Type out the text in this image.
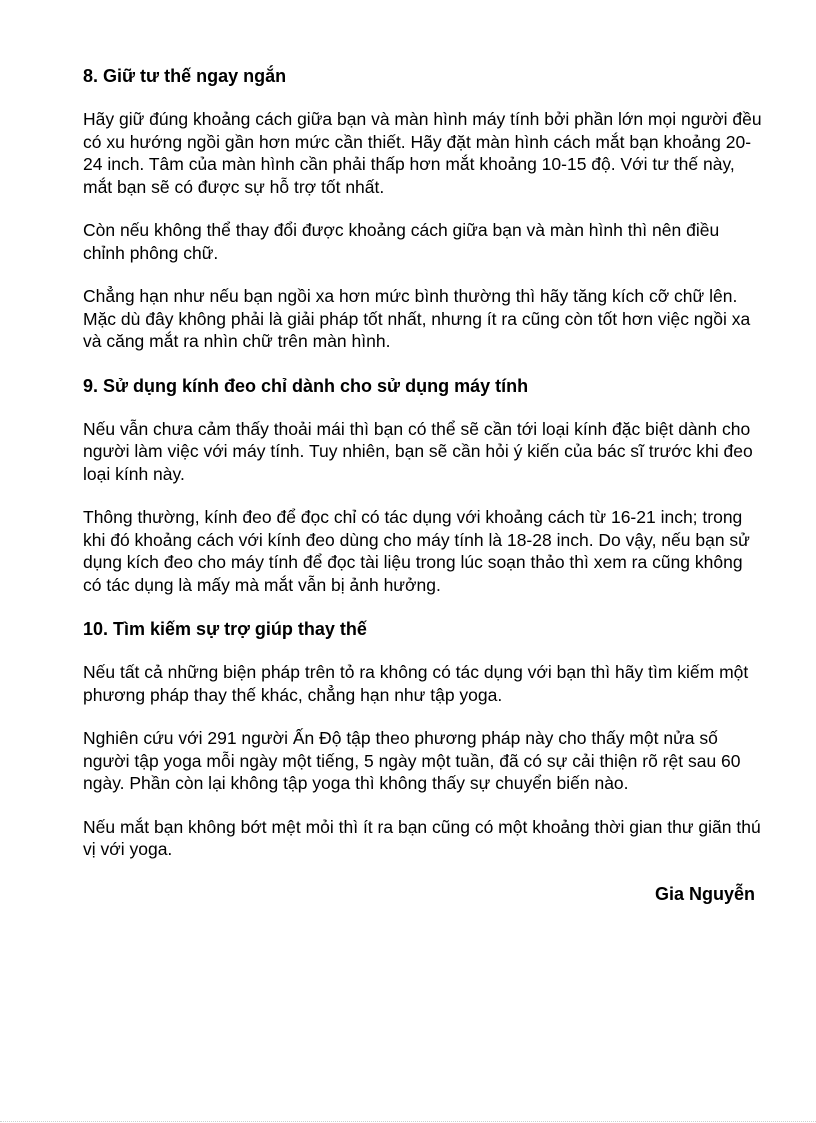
8. Giữ tư thế ngay ngắn

Hãy giữ đúng khoảng cách giữa bạn và màn hình máy tính bởi phần lớn mọi người đều có xu hướng ngồi gần hơn mức cần thiết. Hãy đặt màn hình cách mắt bạn khoảng 20-24 inch. Tâm của màn hình cần phải thấp hơn mắt khoảng 10-15 độ. Với tư thế này, mắt bạn sẽ có được sự hỗ trợ tốt nhất.

Còn nếu không thể thay đổi được khoảng cách giữa bạn và màn hình thì nên điều chỉnh phông chữ.

Chẳng hạn như nếu bạn ngồi xa hơn mức bình thường thì hãy tăng kích cỡ chữ lên. Mặc dù đây không phải là giải pháp tốt nhất, nhưng ít ra cũng còn tốt hơn việc ngồi xa và căng mắt ra nhìn chữ trên màn hình.

9. Sử dụng kính đeo chỉ dành cho sử dụng máy tính

Nếu vẫn chưa cảm thấy thoải mái thì bạn có thể sẽ cần tới loại kính đặc biệt dành cho người làm việc với máy tính. Tuy nhiên, bạn sẽ cần hỏi ý kiến của bác sĩ trước khi đeo loại kính này.

Thông thường, kính đeo để đọc chỉ có tác dụng với khoảng cách từ 16-21 inch; trong khi đó khoảng cách với kính đeo dùng cho máy tính là 18-28 inch. Do vậy, nếu bạn sử dụng kích đeo cho máy tính để đọc tài liệu trong lúc soạn thảo thì xem ra cũng không có tác dụng là mấy mà mắt vẫn bị ảnh hưởng.

10. Tìm kiếm sự trợ giúp thay thế

Nếu tất cả những biện pháp trên tỏ ra không có tác dụng với bạn thì hãy tìm kiếm một phương pháp thay thế khác, chẳng hạn như tập yoga.

Nghiên cứu với 291 người Ấn Độ tập theo phương pháp này cho thấy một nửa số người tập yoga mỗi ngày một tiếng, 5 ngày một tuần, đã có sự cải thiện rõ rệt sau 60 ngày. Phần còn lại không tập yoga thì không thấy sự chuyển biến nào.

Nếu mắt bạn không bớt mệt mỏi thì ít ra bạn cũng có một khoảng thời gian thư giãn thú vị với yoga.

Gia Nguyễn
